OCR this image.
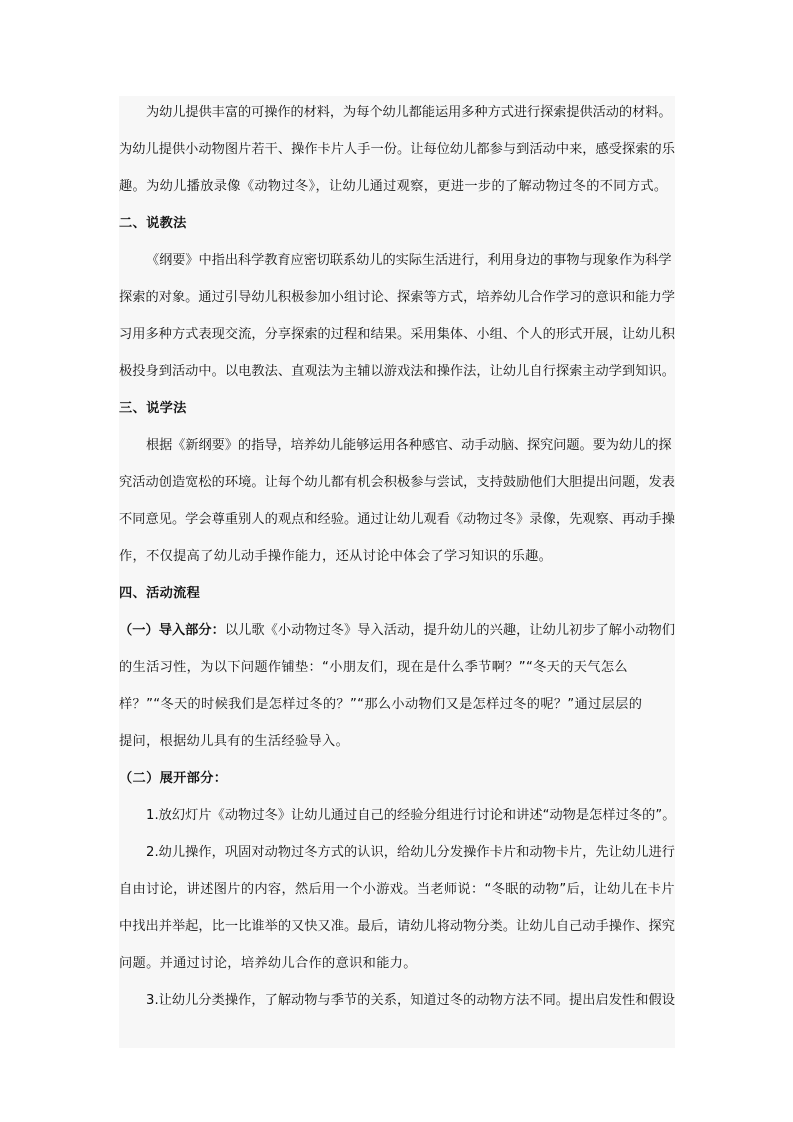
为幼儿提供丰富的可操作的材料，为每个幼儿都能运用多种方式进行探索提供活动的材料。
为幼儿提供小动物图片若干、操作卡片人手一份。让每位幼儿都参与到活动中来，感受探索的乐
趣。为幼儿播放录像《动物过冬》，让幼儿通过观察，更进一步的了解动物过冬的不同方式。
二、说教法
《纲要》中指出科学教育应密切联系幼儿的实际生活进行，利用身边的事物与现象作为科学
探索的对象。通过引导幼儿积极参加小组讨论、探索等方式，培养幼儿合作学习的意识和能力学
习用多种方式表现交流，分享探索的过程和结果。采用集体、小组、个人的形式开展，让幼儿积
极投身到活动中。以电教法、直观法为主辅以游戏法和操作法，让幼儿自行探索主动学到知识。
三、说学法
根据《新纲要》的指导，培养幼儿能够运用各种感官、动手动脑、探究问题。要为幼儿的探
究活动创造宽松的环境。让每个幼儿都有机会积极参与尝试，支持鼓励他们大胆提出问题，发表
不同意见。学会尊重别人的观点和经验。通过让幼儿观看《动物过冬》录像，先观察、再动手操
作，不仅提高了幼儿动手操作能力，还从讨论中体会了学习知识的乐趣。
四、活动流程
（一）导入部分：以儿歌《小动物过冬》导入活动，提升幼儿的兴趣，让幼儿初步了解小动物们
的生活习性，为以下问题作铺垫：“小朋友们，现在是什么季节啊？”“冬天的天气怎么
样？”“冬天的时候我们是怎样过冬的？”“那么小动物们又是怎样过冬的呢？”通过层层的
提问，根据幼儿具有的生活经验导入。
（二）展开部分：
1.放幻灯片《动物过冬》让幼儿通过自己的经验分组进行讨论和讲述“动物是怎样过冬的”。
2.幼儿操作，巩固对动物过冬方式的认识，给幼儿分发操作卡片和动物卡片，先让幼儿进行
自由讨论，讲述图片的内容，然后用一个小游戏。当老师说：“冬眠的动物”后，让幼儿在卡片
中找出并举起，比一比谁举的又快又准。最后，请幼儿将动物分类。让幼儿自己动手操作、探究
问题。并通过讨论，培养幼儿合作的意识和能力。
3.让幼儿分类操作，了解动物与季节的关系，知道过冬的动物方法不同。提出启发性和假设
